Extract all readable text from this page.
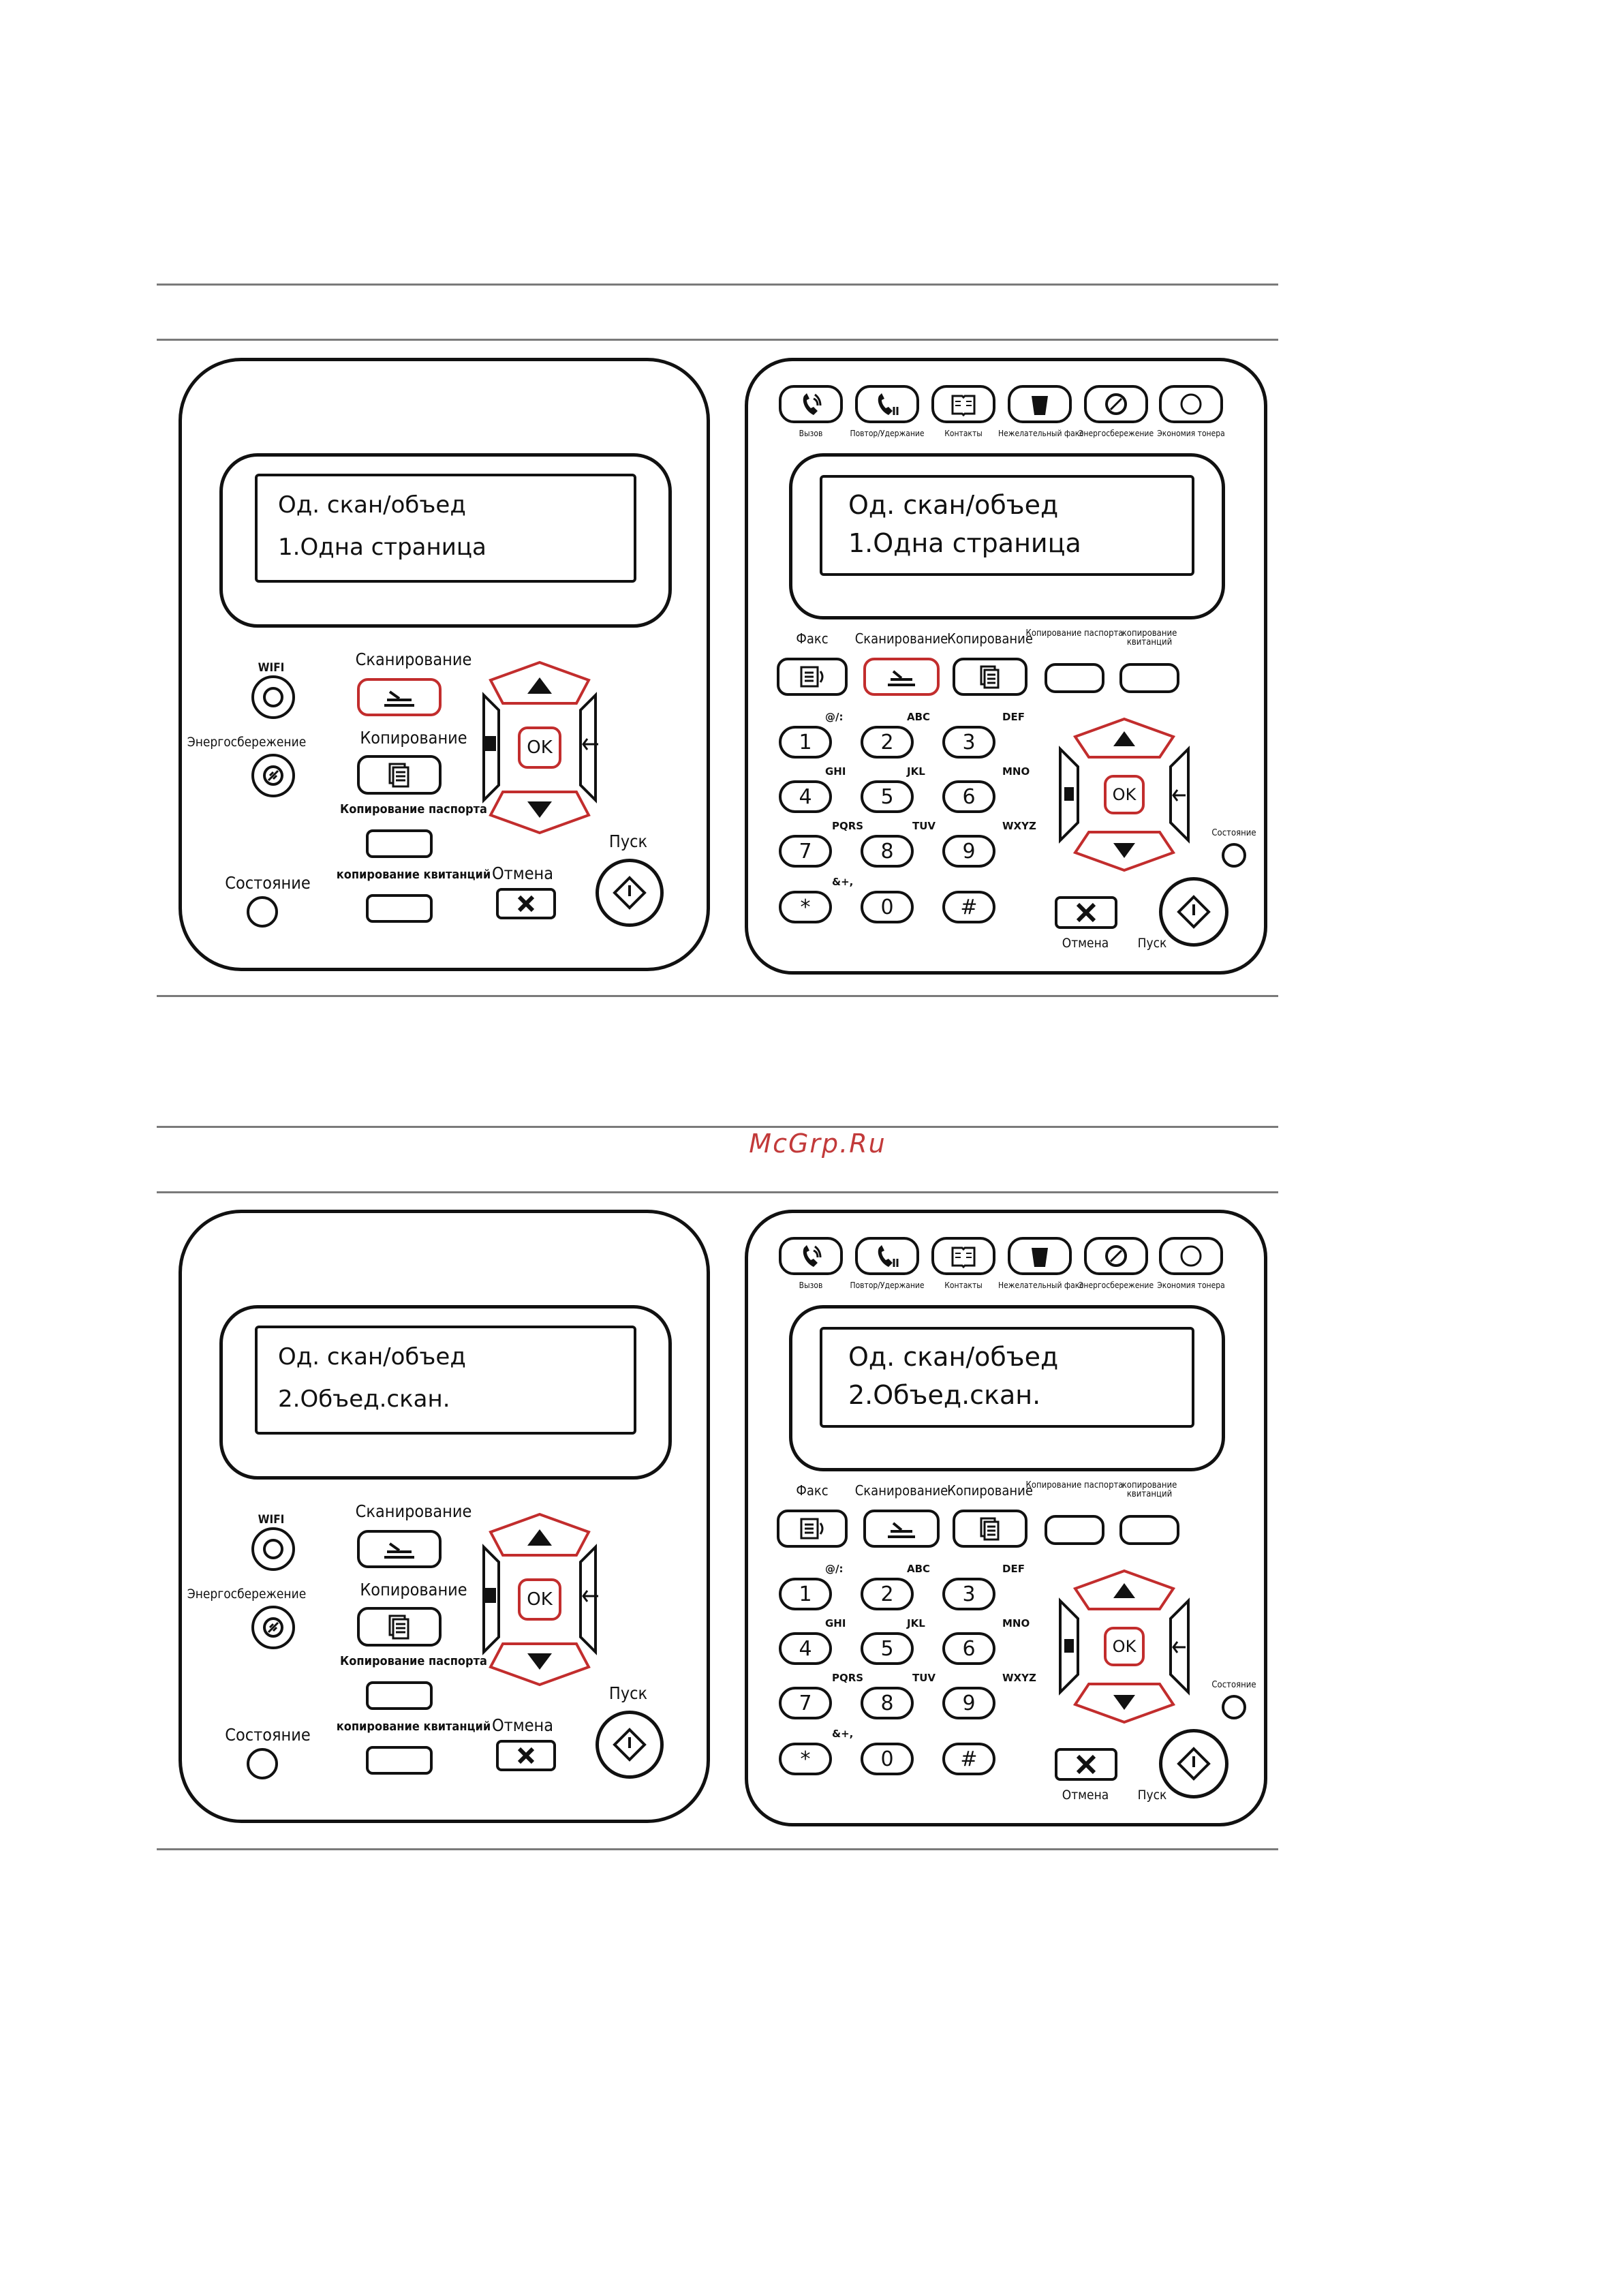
McGrp.Ru
Од. скан/объед
1.Одна страница
WIFI
Энергосбережение
Состояние
Сканирование
Копирование
Копирование паспорта
копирование квитанций
OK
Отмена
Пуск
Вызов	Повтор/Удержание	Контакты	Нежелательный факс
Энергосбережение Экономия тонера
Од. скан/объед
1.Одна страница
Факс	Сканирование
Копирование
Копирование паспорта
копирование квитанций
1	2	3
4	5	6
7	8	9
*	0	#
@/:	ABC	DEF
GHI	JKL	MNO
PQRS	TUV	WXYZ
&+,
OK
Состояние
Отмена	Пуск
Од. скан/объед
2.Объед.скан.
WIFI
Энергосбережение
Состояние
Сканирование
Копирование
Копирование паспорта
копирование квитанций
OK
Отмена
Пуск
Вызов	Повтор/Удержание	Контакты	Нежелательный факс
Энергосбережение Экономия тонера
Од. скан/объед
2.Объед.скан.
Факс	Сканирование
Копирование
Копирование паспорта
копирование квитанций
1	2	3
4	5	6
7	8	9
*	0	#
@/:	ABC	DEF
GHI	JKL	MNO
PQRS	TUV	WXYZ
&+,
OK
Состояние
Отмена	Пуск
